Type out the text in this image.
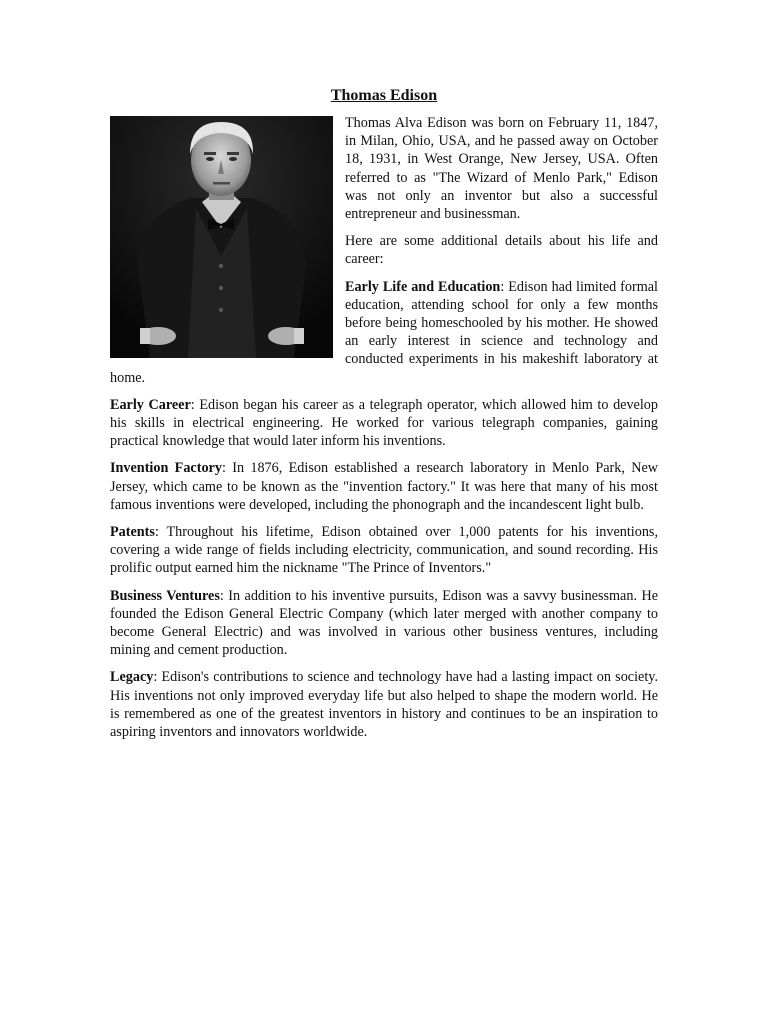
Thomas Edison

Thomas Alva Edison was born on February 11, 1847, in Milan, Ohio, USA, and he passed away on October 18, 1931, in West Orange, New Jersey, USA. Often referred to as "The Wizard of Menlo Park," Edison was not only an inventor but also a successful entrepreneur and businessman.

Here are some additional details about his life and career:

Early Life and Education: Edison had limited formal education, attending school for only a few months before being homeschooled by his mother. He showed an early interest in science and technology and conducted experiments in his makeshift laboratory at home.

Early Career: Edison began his career as a telegraph operator, which allowed him to develop his skills in electrical engineering. He worked for various telegraph companies, gaining practical knowledge that would later inform his inventions.

Invention Factory: In 1876, Edison established a research laboratory in Menlo Park, New Jersey, which came to be known as the "invention factory." It was here that many of his most famous inventions were developed, including the phonograph and the incandescent light bulb.

Patents: Throughout his lifetime, Edison obtained over 1,000 patents for his inventions, covering a wide range of fields including electricity, communication, and sound recording. His prolific output earned him the nickname "The Prince of Inventors."

Business Ventures: In addition to his inventive pursuits, Edison was a savvy businessman. He founded the Edison General Electric Company (which later merged with another company to become General Electric) and was involved in various other business ventures, including mining and cement production.

Legacy: Edison's contributions to science and technology have had a lasting impact on society. His inventions not only improved everyday life but also helped to shape the modern world. He is remembered as one of the greatest inventors in history and continues to be an inspiration to aspiring inventors and innovators worldwide.
